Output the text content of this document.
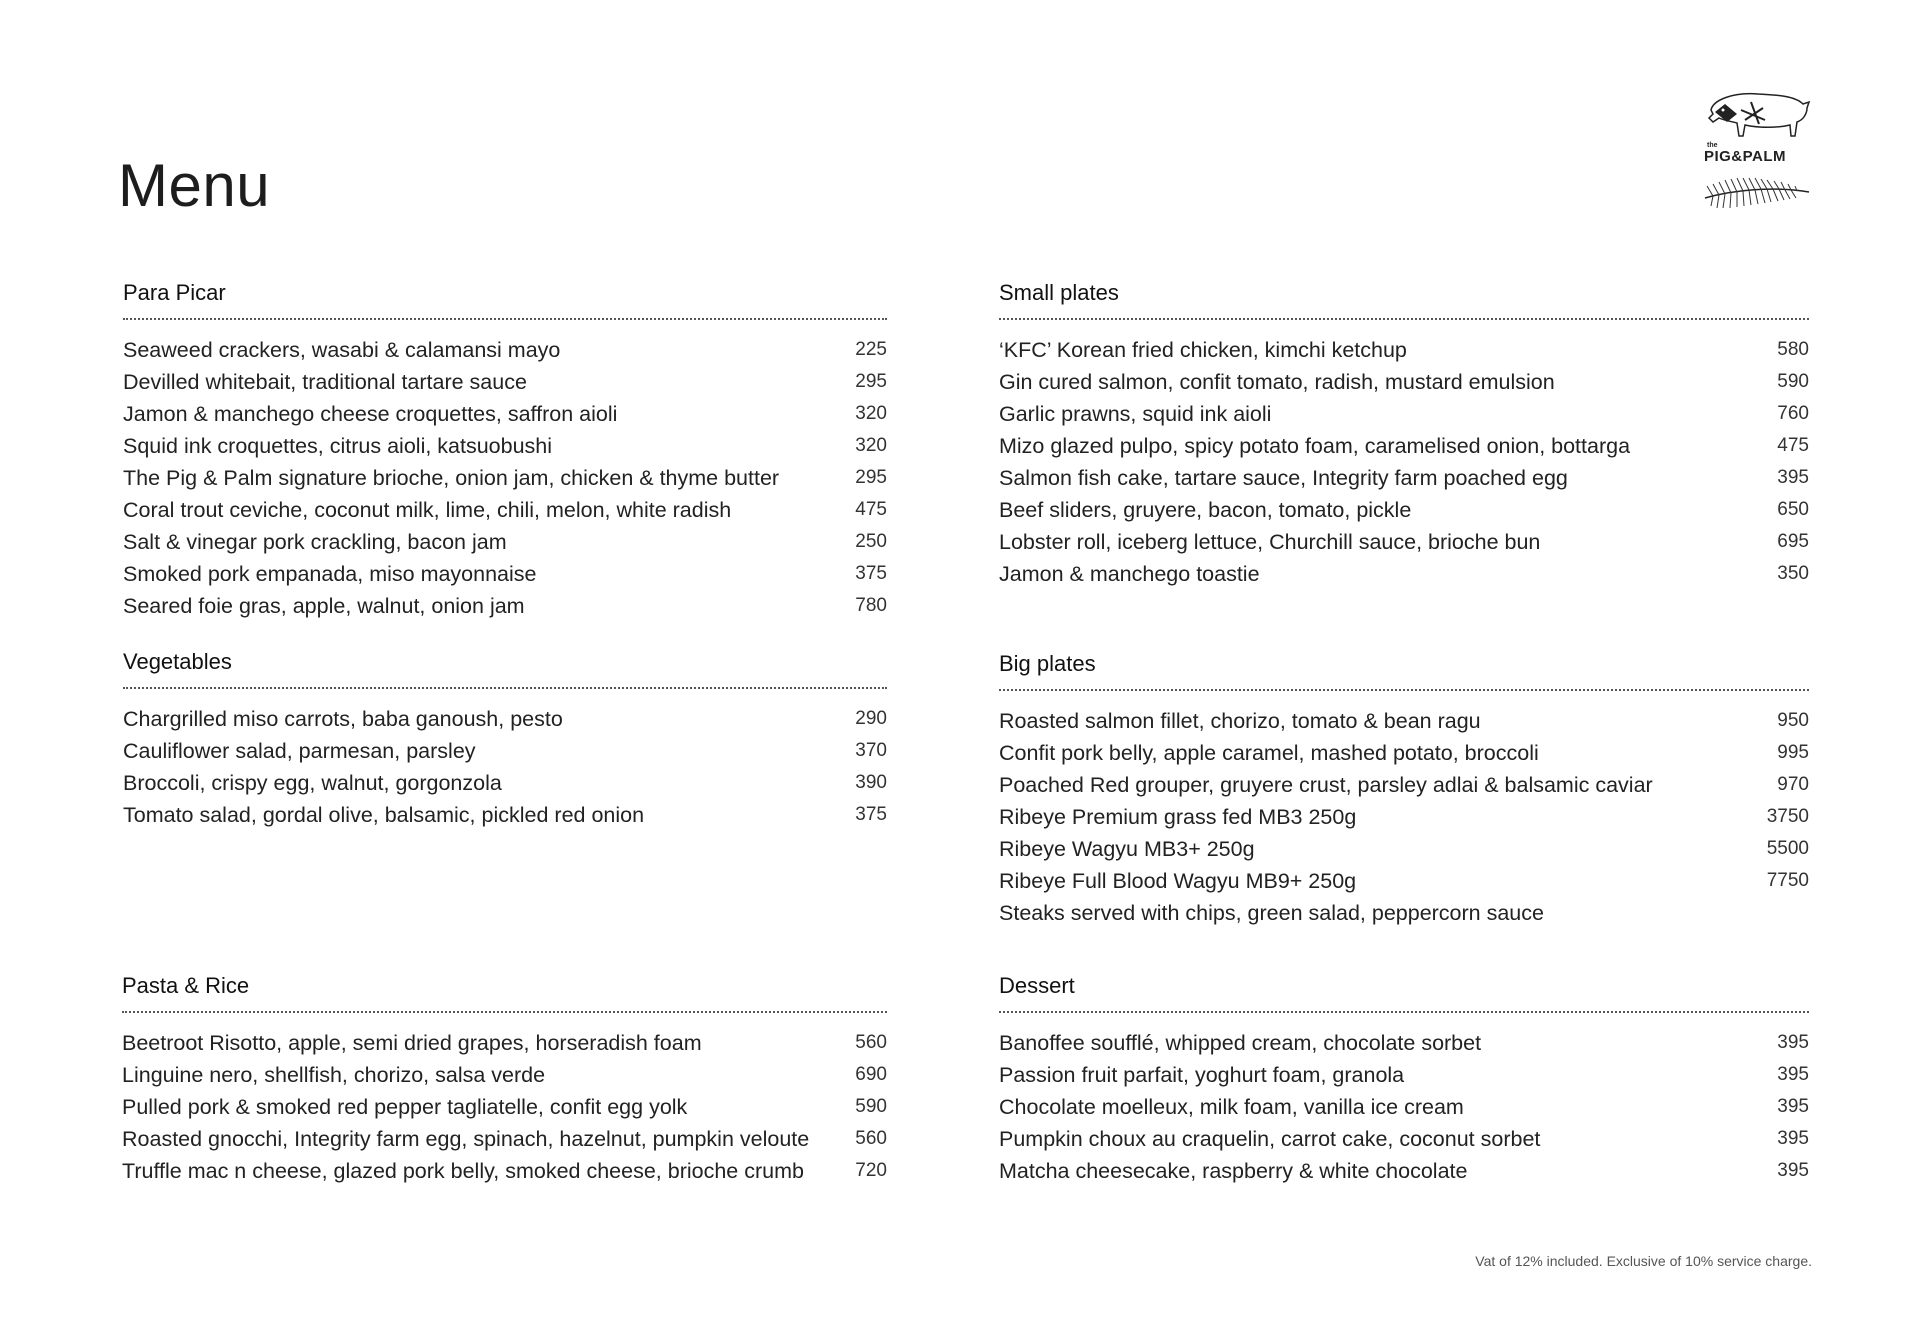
Menu
the
PIG&PALM
Para Picar
Seaweed crackers, wasabi & calamansi mayo	225
Devilled whitebait, traditional tartare sauce	295
Jamon & manchego cheese croquettes, saffron aioli	320
Squid ink croquettes, citrus aioli, katsuobushi	320
The Pig & Palm signature brioche, onion jam, chicken & thyme butter	295
Coral trout ceviche, coconut milk, lime, chili, melon, white radish	475
Salt & vinegar pork crackling, bacon jam	250
Smoked pork empanada, miso mayonnaise	375
Seared foie gras, apple, walnut, onion jam	780
Small plates
‘KFC’ Korean fried chicken, kimchi ketchup	580
Gin cured salmon, confit tomato, radish, mustard emulsion	590
Garlic prawns, squid ink aioli	760
Mizo glazed pulpo, spicy potato foam, caramelised onion, bottarga	475
Salmon fish cake, tartare sauce, Integrity farm poached egg	395
Beef sliders, gruyere, bacon, tomato, pickle	650
Lobster roll, iceberg lettuce, Churchill sauce, brioche bun	695
Jamon & manchego toastie	350
Vegetables
Chargrilled miso carrots, baba ganoush, pesto	290
Cauliflower salad, parmesan, parsley	370
Broccoli, crispy egg, walnut, gorgonzola	390
Tomato salad, gordal olive, balsamic, pickled red onion	375
Big plates
Roasted salmon fillet, chorizo, tomato & bean ragu	950
Confit pork belly, apple caramel, mashed potato, broccoli	995
Poached Red grouper, gruyere crust, parsley adlai & balsamic caviar	970
Ribeye Premium grass fed MB3 250g	3750
Ribeye Wagyu MB3+ 250g	5500
Ribeye Full Blood Wagyu MB9+ 250g	7750
Steaks served with chips, green salad, peppercorn sauce
Pasta & Rice
Beetroot Risotto, apple, semi dried grapes, horseradish foam	560
Linguine nero, shellfish, chorizo, salsa verde	690
Pulled pork & smoked red pepper tagliatelle, confit egg yolk	590
Roasted gnocchi, Integrity farm egg, spinach, hazelnut, pumpkin veloute 560
Truffle mac n cheese, glazed pork belly, smoked cheese, brioche crumb	720
Dessert
Banoffee soufflé, whipped cream, chocolate sorbet	395
Passion fruit parfait, yoghurt foam, granola	395
Chocolate moelleux, milk foam, vanilla ice cream	395
Pumpkin choux au craquelin, carrot cake, coconut sorbet	395
Matcha cheesecake, raspberry & white chocolate	395
Vat of 12% included. Exclusive of 10% service charge.
